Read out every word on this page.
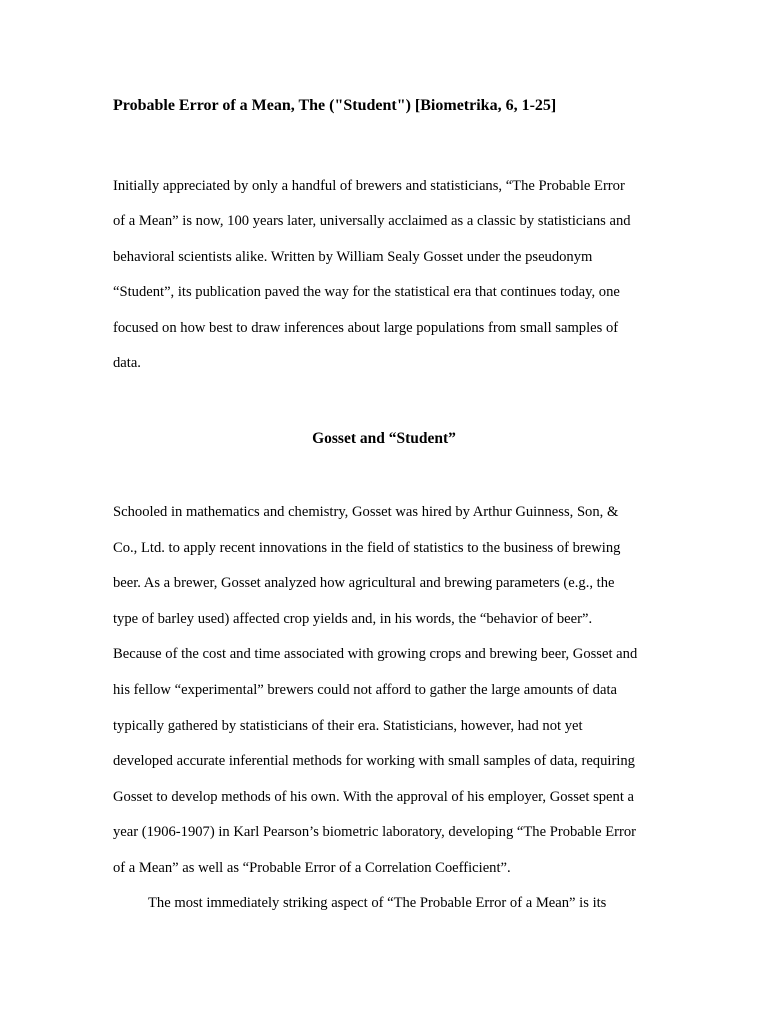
Probable Error of a Mean, The ("Student") [Biometrika, 6, 1-25]
Initially appreciated by only a handful of brewers and statisticians, “The Probable Error
of a Mean” is now, 100 years later, universally acclaimed as a classic by statisticians and
behavioral scientists alike. Written by William Sealy Gosset under the pseudonym
“Student”, its publication paved the way for the statistical era that continues today, one
focused on how best to draw inferences about large populations from small samples of
data.
Gosset and “Student”
Schooled in mathematics and chemistry, Gosset was hired by Arthur Guinness, Son, &
Co., Ltd. to apply recent innovations in the field of statistics to the business of brewing
beer. As a brewer, Gosset analyzed how agricultural and brewing parameters (e.g., the
type of barley used) affected crop yields and, in his words, the “behavior of beer”.
Because of the cost and time associated with growing crops and brewing beer, Gosset and
his fellow “experimental” brewers could not afford to gather the large amounts of data
typically gathered by statisticians of their era. Statisticians, however, had not yet
developed accurate inferential methods for working with small samples of data, requiring
Gosset to develop methods of his own. With the approval of his employer, Gosset spent a
year (1906-1907) in Karl Pearson’s biometric laboratory, developing “The Probable Error
of a Mean” as well as “Probable Error of a Correlation Coefficient”.
The most immediately striking aspect of “The Probable Error of a Mean” is its
